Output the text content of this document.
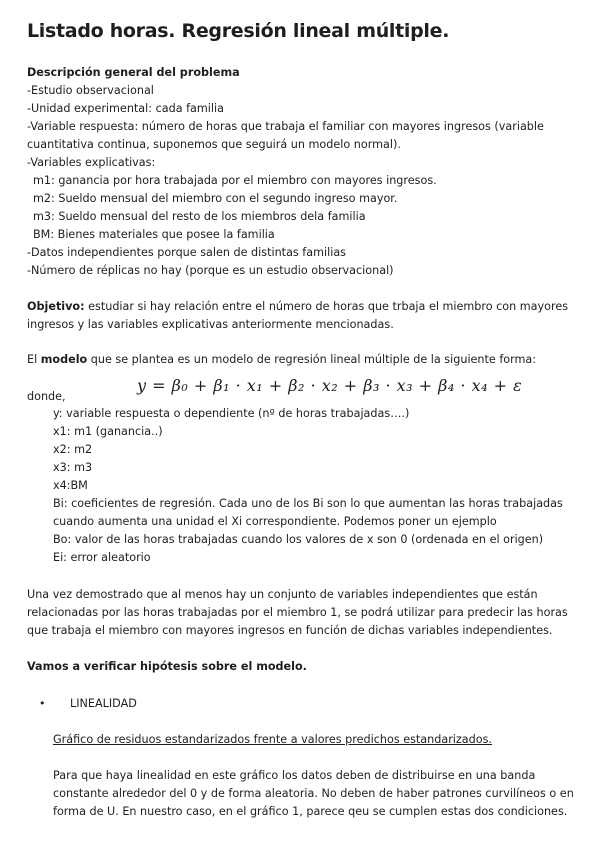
Listado horas. Regresión lineal múltiple.
Descripción general del problema
-Estudio observacional
-Unidad experimental: cada familia
-Variable respuesta: número de horas que trabaja el familiar con mayores ingresos (variable
cuantitativa continua, suponemos que seguirá un modelo normal).
-Variables explicativas:
m1: ganancia por hora trabajada por el miembro con mayores ingresos.
m2: Sueldo mensual del miembro con el segundo ingreso mayor.
m3: Sueldo mensual del resto de los miembros dela familia
BM: Bienes materiales que posee la familia
-Datos independientes porque salen de distintas familias
-Número de réplicas no hay (porque es un estudio observacional)
Objetivo: estudiar si hay relación entre el número de horas que trbaja el miembro con mayores
ingresos y las variables explicativas anteriormente mencionadas.
El modelo que se plantea es un modelo de regresión lineal múltiple de la siguiente forma:
y = β₀ + β₁ · x₁ + β₂ · x₂ + β₃ · x₃ + β₄ · x₄ + ε
donde,
y: variable respuesta o dependiente (nº de horas trabajadas….)
x1: m1 (ganancia..)
x2: m2
x3: m3
x4:BM
Bi: coeficientes de regresión. Cada uno de los Bi son lo que aumentan las horas trabajadas
cuando aumenta una unidad el Xi correspondiente. Podemos poner un ejemplo
Bo: valor de las horas trabajadas cuando los valores de x son 0 (ordenada en el origen)
Ei: error aleatorio
Una vez demostrado que al menos hay un conjunto de variables independientes que están
relacionadas por las horas trabajadas por el miembro 1, se podrá utilizar para predecir las horas
que trabaja el miembro con mayores ingresos en función de dichas variables independientes.
Vamos a verificar hipótesis sobre el modelo.
• LINEALIDAD
Gráfico de residuos estandarizados frente a valores predichos estandarizados.
Para que haya linealidad en este gráfico los datos deben de distribuirse en una banda
constante alrededor del 0 y de forma aleatoria. No deben de haber patrones curvilíneos o en
forma de U. En nuestro caso, en el gráfico 1, parece qeu se cumplen estas dos condiciones.
